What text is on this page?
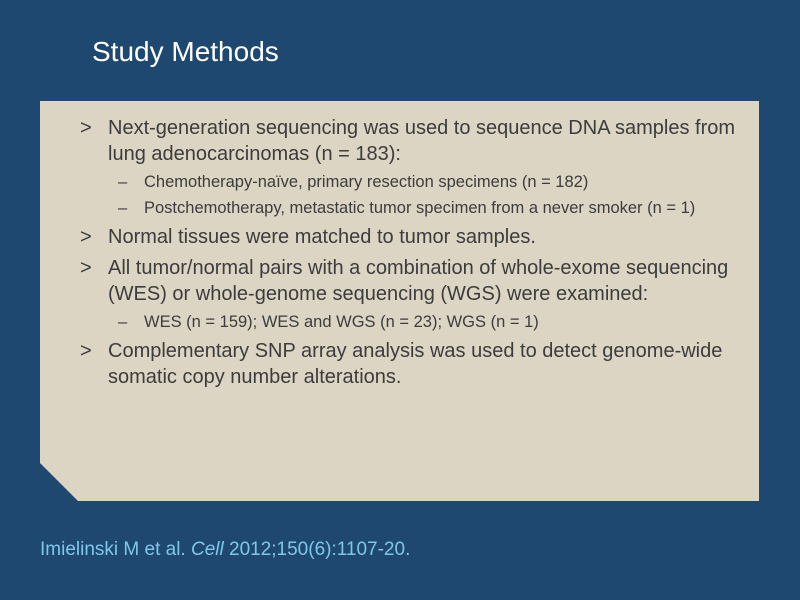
Study Methods
> Next-generation sequencing was used to sequence DNA samples from lung adenocarcinomas (n = 183):
– Chemotherapy-naïve, primary resection specimens (n = 182)
– Postchemotherapy, metastatic tumor specimen from a never smoker (n = 1)
> Normal tissues were matched to tumor samples.
> All tumor/normal pairs with a combination of whole-exome sequencing (WES) or whole-genome sequencing (WGS) were examined:
– WES (n = 159); WES and WGS (n = 23); WGS (n = 1)
> Complementary SNP array analysis was used to detect genome-wide somatic copy number alterations.

Imielinski M et al. Cell 2012;150(6):1107-20.
